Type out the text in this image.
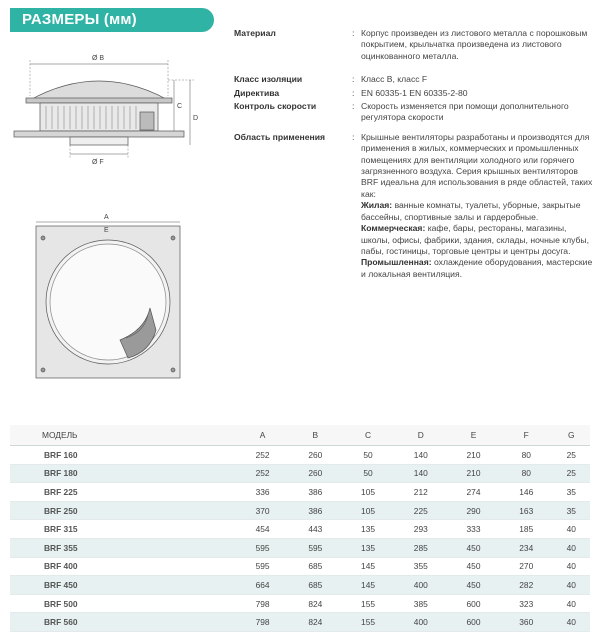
РАЗМЕРЫ (мм)
Ø B
Ø F
C
D
A
E
Материал	: Корпус произведен из листового металла с порошковым покрытием, крыльчатка произведена из листового оцинкованного металла.
Класс изоляции	: Класс В, класс F
Директива	: EN 60335-1 EN 60335-2-80
Контроль скорости	: Скорость изменяется при помощи дополнительного регулятора скорости
Область применения	: Крышные вентиляторы разработаны и производятся для применения в жилых, коммерческих и промышленных помещениях для вентиляции холодного или горячего загрязненного воздуха. Серия крышных вентиляторов BRF идеальна для использования в ряде областей, таких как:

Жилая: ванные комнаты, туалеты, уборные, закрытые бассейны, спортивные залы и гардеробные.

Коммерческая: кафе, бары, рестораны, магазины, школы, офисы, фабрики, здания, склады, ночные клубы, пабы, гостиницы, торговые центры и центры досуга.

Промышленная: охлаждение оборудования, мастерские и локальная вентиляция.

МОДЕЛЬ	A	B	C	D	E	F	G
BRF 160	252	260	50	140	210	80	25
BRF 180	252	260	50	140	210	80	25
BRF 225	336	386	105	212	274	146	35
BRF 250	370	386	105	225	290	163	35
BRF 315	454	443	135	293	333	185	40
BRF 355	595	595	135	285	450	234	40
BRF 400	595	685	145	355	450	270	40
BRF 450	664	685	145	400	450	282	40
BRF 500	798	824	155	385	600	323	40
BRF 560	798	824	155	400	600	360	40
